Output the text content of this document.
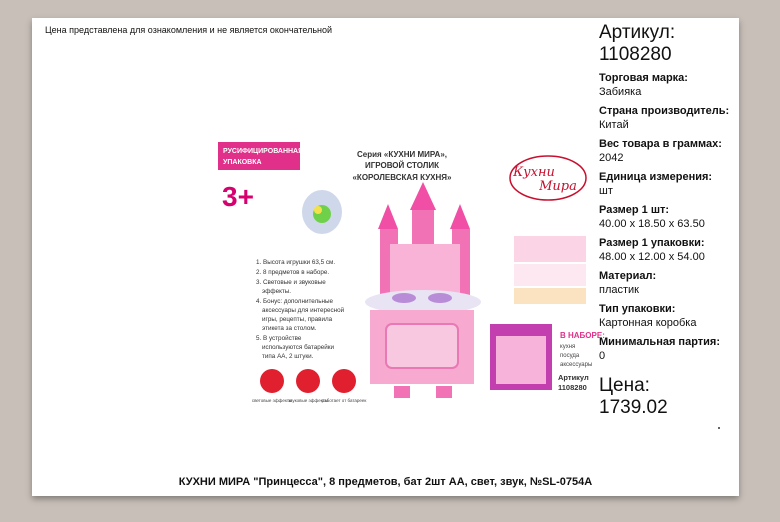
Цена представлена для ознакомления и не является окончательной	Артикул:

1108280

Торговая марка:
Забияка
Страна производитель:
Китай
Вес товара в граммах:
2042
Единица измерения:
шт
Размер 1 шт:
40.00 x 18.50 x 63.50
Размер 1 упаковки:
48.00 x 12.00 x 54.00
Материал:
пластик
Тип упаковки:
Картонная коробка
Минимальная партия:
0

Цена:

1739.02

РУСИФИЦИРОВАННАЯ
УПАКОВКА
3+
Серия «КУХНИ МИРА»,
ИГРОВОЙ СТОЛИК
«КОРОЛЕВСКАЯ КУХНЯ»	Кухни
Мира
1. Высота игрушки 63,5 см.
2. 8 предметов в наборе.
3. Световые и звуковые
эффекты.
4. Бонус: дополнительные
аксессуары для интересной
игры, рецепты, правила
этикета за столом.
5. В устройстве
используются батарейки
типа АА, 2 штуки.
световые эффекты
звуковые эффекты
работает от батареек
В НАБОРЕ:
кухня
посуда
аксессуары
Артикул
1108280
КУХНИ МИРА "Принцесса", 8 предметов, бат 2шт AA, свет, звук, №SL-0754A
